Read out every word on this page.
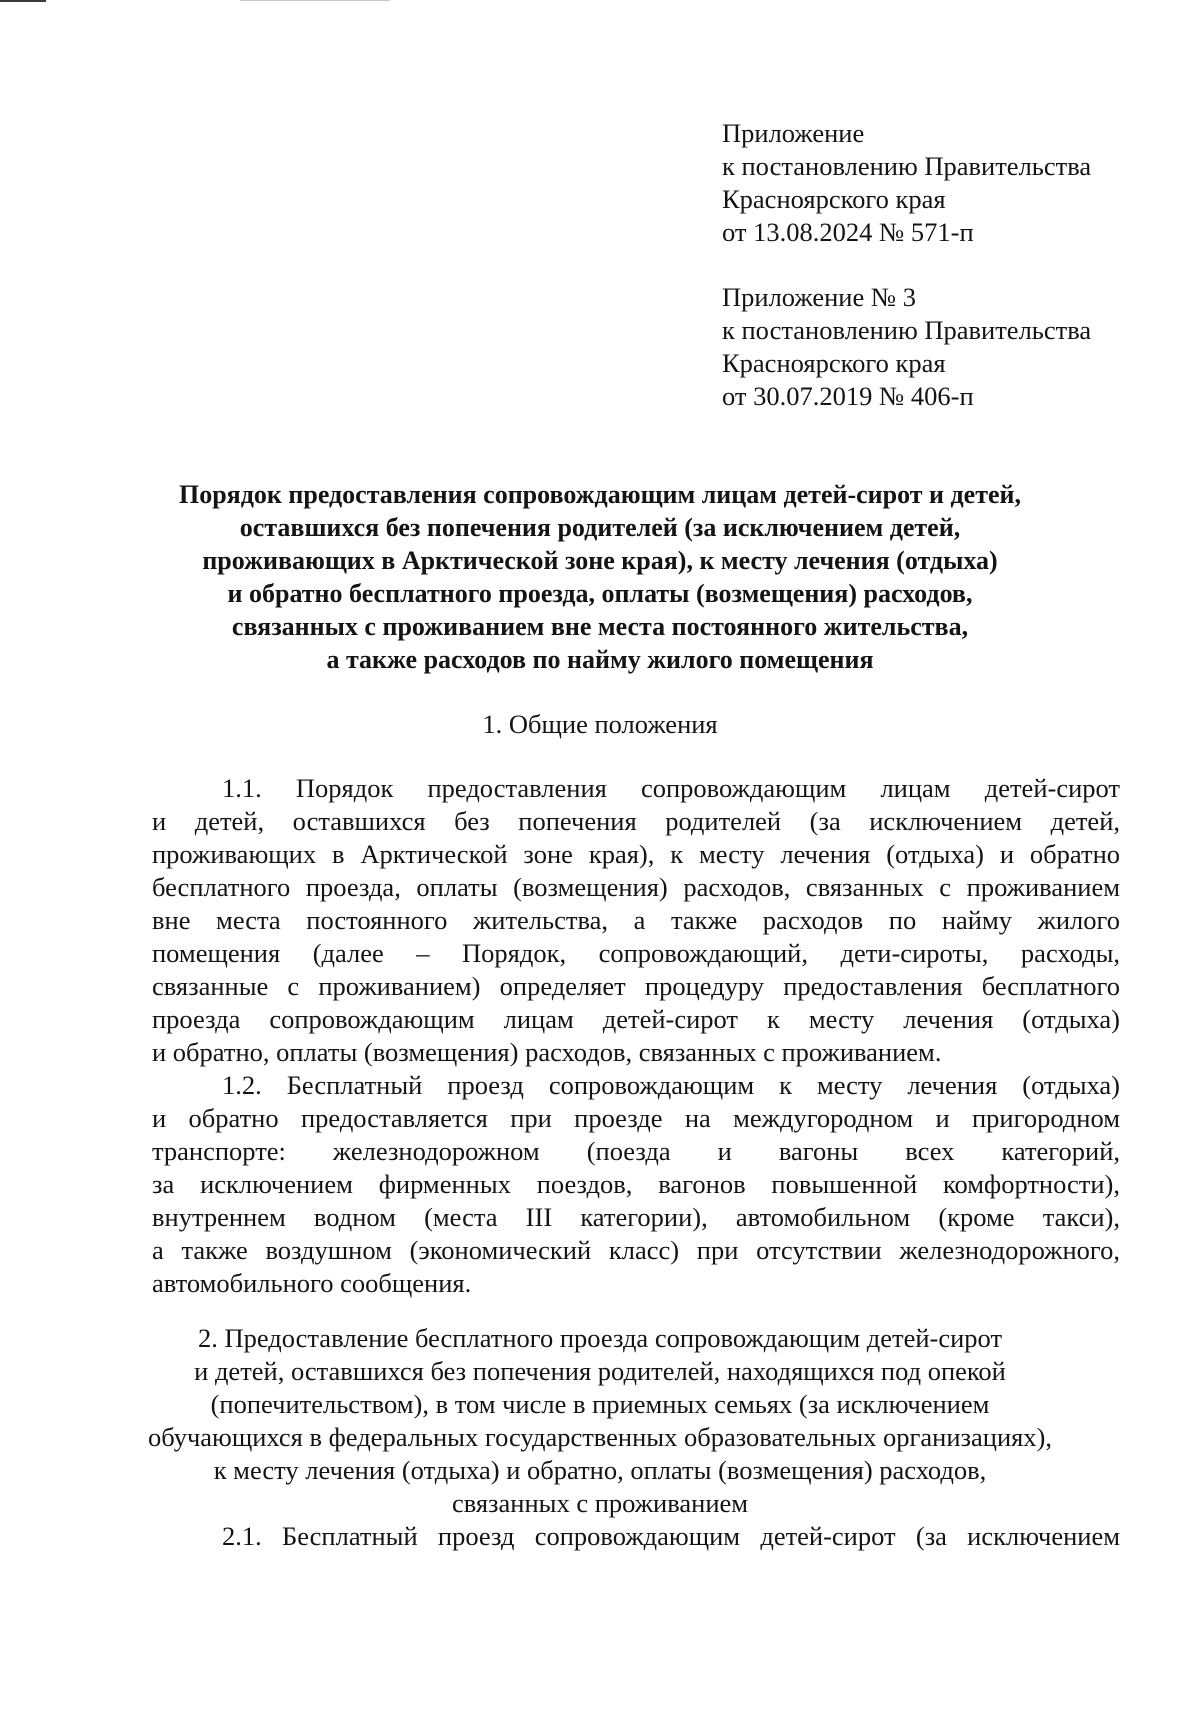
Приложение
к постановлению Правительства
Красноярского края
от 13.08.2024 № 571-п
Приложение № 3
к постановлению Правительства
Красноярского края
от 30.07.2019 № 406-п
Порядок предоставления сопровождающим лицам детей-сирот и детей,
оставшихся без попечения родителей (за исключением детей,
проживающих в Арктической зоне края), к месту лечения (отдыха)
и обратно бесплатного проезда, оплаты (возмещения) расходов,
связанных с проживанием вне места постоянного жительства,
а также расходов по найму жилого помещения
1. Общие положения
1.1. Порядок предоставления сопровождающим лицам детей-сирот
и детей, оставшихся без попечения родителей (за исключением детей,
проживающих в Арктической зоне края), к месту лечения (отдыха) и обратно
бесплатного проезда, оплаты (возмещения) расходов, связанных с проживанием
вне места постоянного жительства, а также расходов по найму жилого
помещения (далее – Порядок, сопровождающий, дети-сироты, расходы,
связанные с проживанием) определяет процедуру предоставления бесплатного
проезда сопровождающим лицам детей-сирот к месту лечения (отдыха)
и обратно, оплаты (возмещения) расходов, связанных с проживанием.
1.2. Бесплатный проезд сопровождающим к месту лечения (отдыха)
и обратно предоставляется при проезде на междугородном и пригородном
транспорте: железнодорожном (поезда и вагоны всех категорий,
за исключением фирменных поездов, вагонов повышенной комфортности),
внутреннем водном (места III категории), автомобильном (кроме такси),
а также воздушном (экономический класс) при отсутствии железнодорожного,
автомобильного сообщения.
2. Предоставление бесплатного проезда сопровождающим детей-сирот
и детей, оставшихся без попечения родителей, находящихся под опекой
(попечительством), в том числе в приемных семьях (за исключением
обучающихся в федеральных государственных образовательных организациях),
к месту лечения (отдыха) и обратно, оплаты (возмещения) расходов,
связанных с проживанием
2.1. Бесплатный проезд сопровождающим детей-сирот (за исключением
